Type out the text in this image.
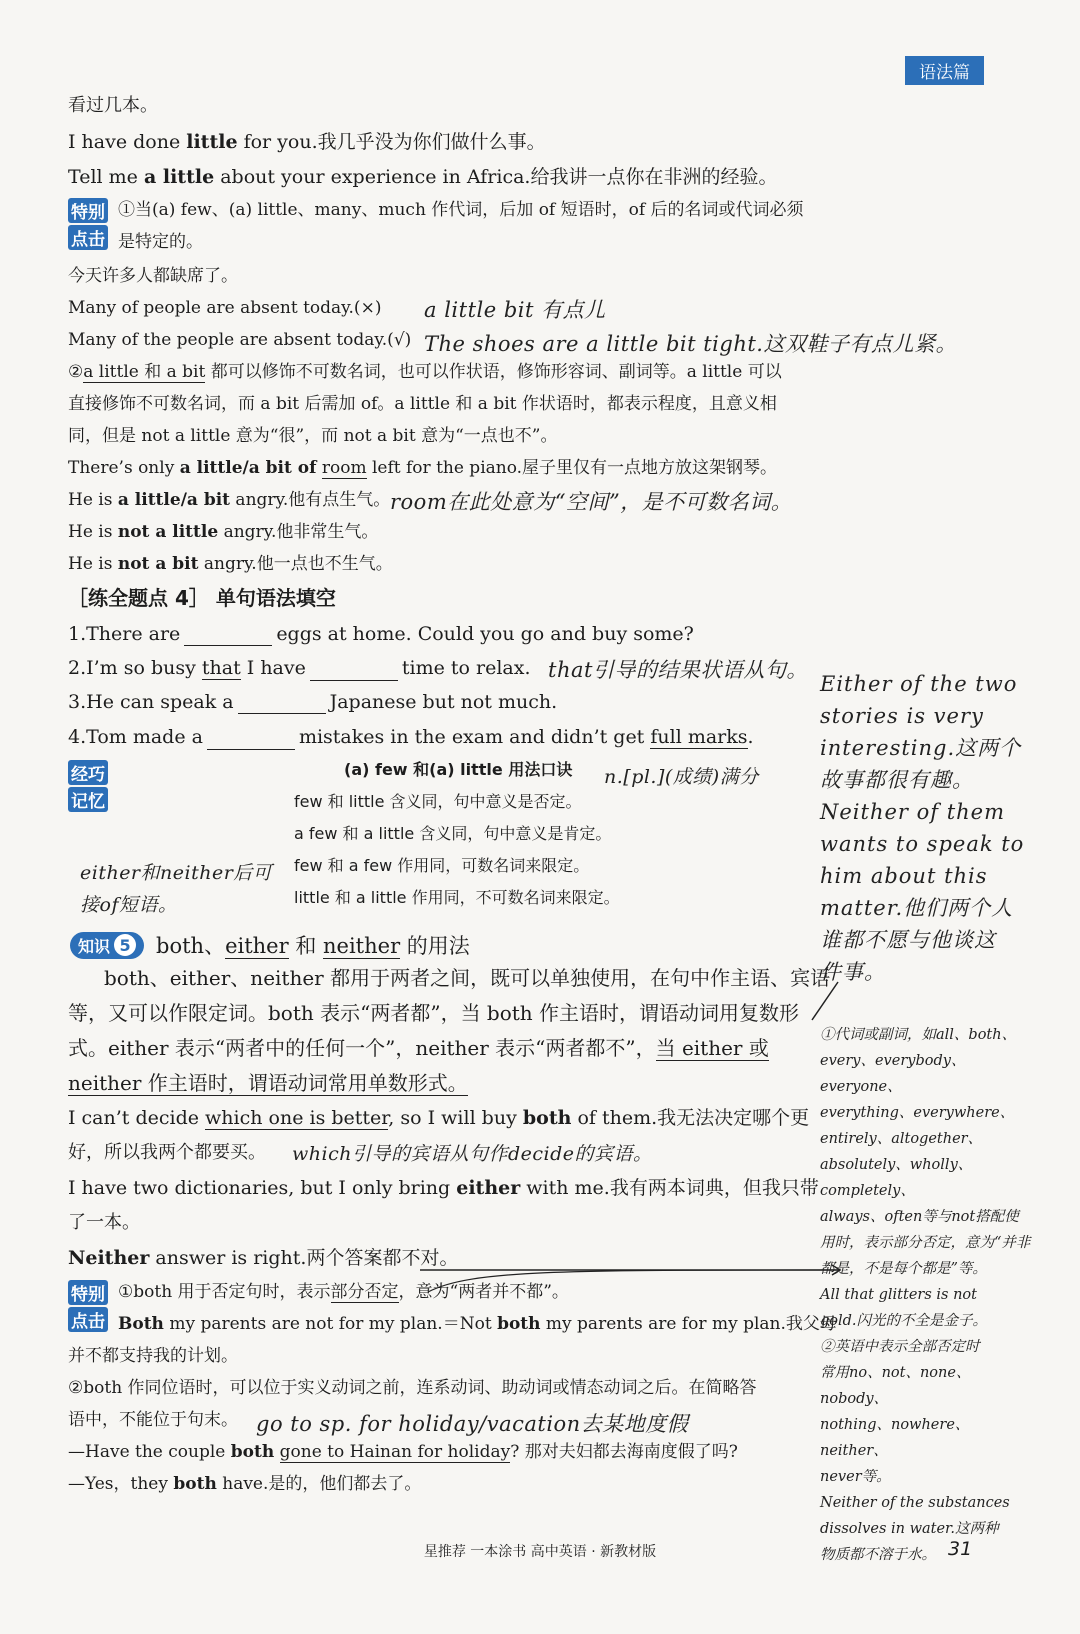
语法篇
看过几本。
I have done little for you.我几乎没为你们做什么事。
Tell me a little about your experience in Africa.给我讲一点你在非洲的经验。
特别
点击
①当(a) few、(a) little、many、much 作代词，后加 of 短语时，of 后的名词或代词必须
是特定的。
今天许多人都缺席了。
Many of people are absent today.(×) a little bit 有点儿
Many of the people are absent today.(√) The shoes are a little bit tight.这双鞋子有点儿紧。
②a little 和 a bit 都可以修饰不可数名词，也可以作状语，修饰形容词、副词等。a little 可以
直接修饰不可数名词，而 a bit 后需加 of。a little 和 a bit 作状语时，都表示程度，且意义相
同，但是 not a little 意为“很”，而 not a bit 意为“一点也不”。
There’s only a little/a bit of room left for the piano.屋子里仅有一点地方放这架钢琴。
He is a little/a bit angry.他有点生气。 room在此处意为“空间”，是不可数名词。
He is not a little angry.他非常生气。
He is not a bit angry.他一点也不生气。
［练全题点 4］ 单句语法填空
1.There are	eggs at home. Could you go and buy some?
2.I’m so busy that I have	time to relax. that引导的结果状语从句。
3.He can speak a	Japanese but not much.
4.Tom made a	mistakes in the exam and didn’t get full marks.
经巧
记忆
(a) few 和(a) little 用法口诀 n.[pl.](成绩)满分
few 和 little 含义同，句中意义是否定。
a few 和 a little 含义同，句中意义是肯定。
few 和 a few 作用同，可数名词来限定。
little 和 a little 作用同，不可数名词来限定。
either和neither后可
接of短语。
知识 5 both、either 和 neither 的用法
both、either、neither 都用于两者之间，既可以单独使用，在句中作主语、宾语
等，又可以作限定词。both 表示“两者都”，当 both 作主语时，谓语动词用复数形
式。either 表示“两者中的任何一个”，neither 表示“两者都不”，当 either 或
neither 作主语时，谓语动词常用单数形式。
I can’t decide which one is better, so I will buy both of them.我无法决定哪个更
好，所以我两个都要买。 which引导的宾语从句作decide的宾语。
I have two dictionaries, but I only bring either with me.我有两本词典，但我只带
了一本。
Neither answer is right.两个答案都不对。
特别
点击
①both 用于否定句时，表示部分否定，意为“两者并不都”。
Both my parents are not for my plan.＝Not both my parents are for my plan.我父母
并不都支持我的计划。
②both 作同位语时，可以位于实义动词之前，连系动词、助动词或情态动词之后。在简略答
语中，不能位于句末。 go to sp. for holiday/vacation去某地度假
—Have the couple both gone to Hainan for holiday? 那对夫妇都去海南度假了吗?
—Yes，they both have.是的，他们都去了。
Either of the two
stories is very
interesting.这两个
故事都很有趣。
Neither of them
wants to speak to
him about this
matter.他们两个人
谁都不愿与他谈这
件事。
①代词或副词，如all、both、
every、everybody、everyone、
everything、everywhere、
entirely、altogether、
absolutely、wholly、completely、
always、often等与not搭配使
用时，表示部分否定，意为“并非
都是，不是每个都是”等。
All that glitters is not
gold.闪光的不全是金子。
②英语中表示全部否定时
常用no、not、none、nobody、
nothing、nowhere、neither、
never等。
Neither of the substances
dissolves in water.这两种
物质都不溶于水。
星推荐 一本涂书 高中英语 · 新教材版	31
